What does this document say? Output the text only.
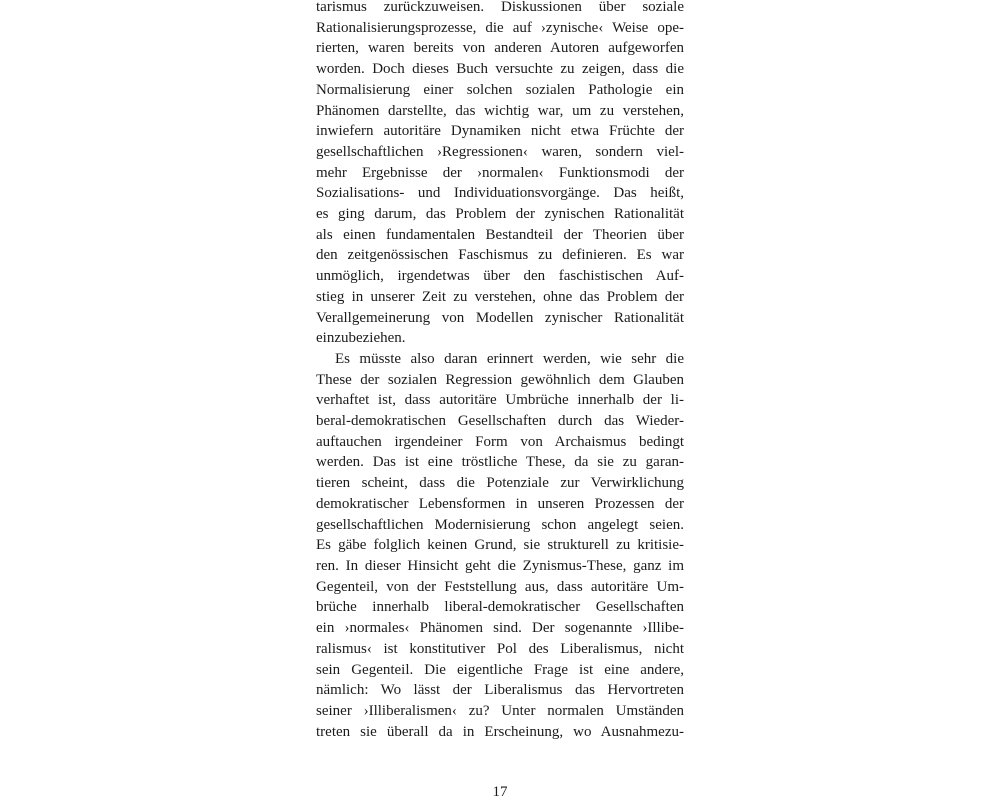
tarismus zurückzuweisen. Diskussionen über soziale
Rationalisierungsprozesse, die auf ›zynische‹ Weise ope-
rierten, waren bereits von anderen Autoren aufgeworfen
worden. Doch dieses Buch versuchte zu zeigen, dass die
Normalisierung einer solchen sozialen Pathologie ein
Phänomen darstellte, das wichtig war, um zu verstehen,
inwiefern autoritäre Dynamiken nicht etwa Früchte der
gesellschaftlichen ›Regressionen‹ waren, sondern viel-
mehr Ergebnisse der ›normalen‹ Funktionsmodi der
Sozialisations- und Individuationsvorgänge. Das heißt,
es ging darum, das Problem der zynischen Rationalität
als einen fundamentalen Bestandteil der Theorien über
den zeitgenössischen Faschismus zu definieren. Es war
unmöglich, irgendetwas über den faschistischen Auf-
stieg in unserer Zeit zu verstehen, ohne das Problem der
Verallgemeinerung von Modellen zynischer Rationalität
einzubeziehen.
Es müsste also daran erinnert werden, wie sehr die
These der sozialen Regression gewöhnlich dem Glauben
verhaftet ist, dass autoritäre Umbrüche innerhalb der li-
beral-demokratischen Gesellschaften durch das Wieder-
auftauchen irgendeiner Form von Archaismus bedingt
werden. Das ist eine tröstliche These, da sie zu garan-
tieren scheint, dass die Potenziale zur Verwirklichung
demokratischer Lebensformen in unseren Prozessen der
gesellschaftlichen Modernisierung schon angelegt seien.
Es gäbe folglich keinen Grund, sie strukturell zu kritisie-
ren. In dieser Hinsicht geht die Zynismus-These, ganz im
Gegenteil, von der Feststellung aus, dass autoritäre Um-
brüche innerhalb liberal-demokratischer Gesellschaften
ein ›normales‹ Phänomen sind. Der sogenannte ›Illibe-
ralismus‹ ist konstitutiver Pol des Liberalismus, nicht
sein Gegenteil. Die eigentliche Frage ist eine andere,
nämlich: Wo lässt der Liberalismus das Hervortreten
seiner ›Illiberalismen‹ zu? Unter normalen Umständen
treten sie überall da in Erscheinung, wo Ausnahmezu-
17
